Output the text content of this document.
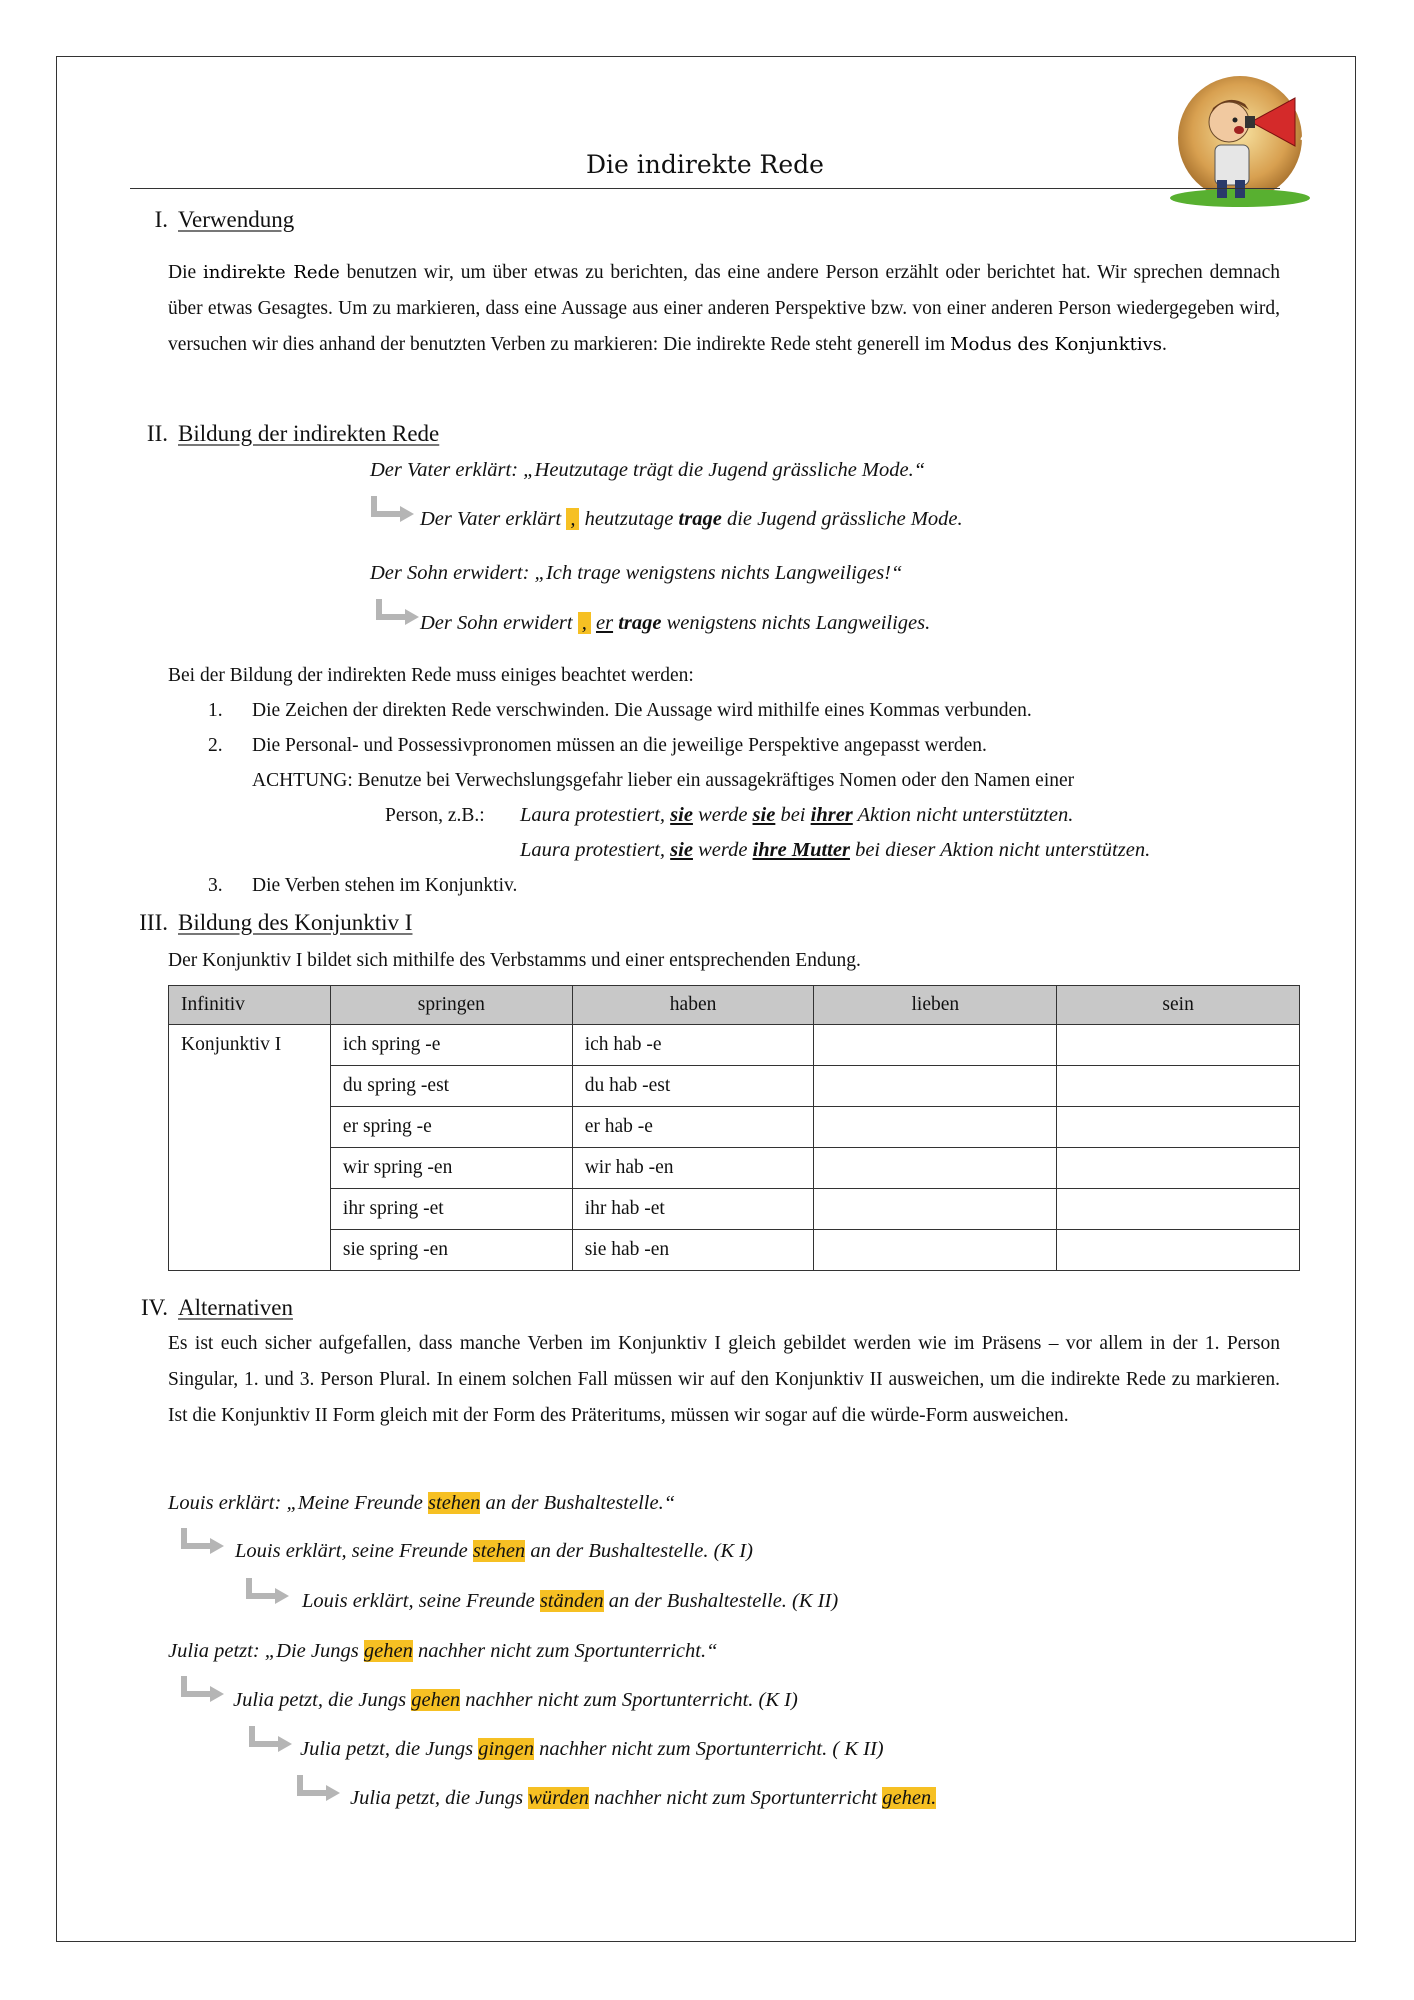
Die indirekte Rede
I. Verwendung
Die indirekte Rede benutzen wir, um über etwas zu berichten, das eine andere Person erzählt oder berichtet hat. Wir sprechen demnach über etwas Gesagtes. Um zu markieren, dass eine Aussage aus einer anderen Perspektive bzw. von einer anderen Person wiedergegeben wird, versuchen wir dies anhand der benutzten Verben zu markieren: Die indirekte Rede steht generell im Modus des Konjunktivs.
II. Bildung der indirekten Rede
Der Vater erklärt: „Heutzutage trägt die Jugend grässliche Mode.“
Der Vater erklärt , heutzutage trage die Jugend grässliche Mode.
Der Sohn erwidert: „Ich trage wenigstens nichts Langweiliges!“
Der Sohn erwidert , er trage wenigstens nichts Langweiliges.
Bei der Bildung der indirekten Rede muss einiges beachtet werden:
1. Die Zeichen der direkten Rede verschwinden. Die Aussage wird mithilfe eines Kommas verbunden.
2. Die Personal- und Possessivpronomen müssen an die jeweilige Perspektive angepasst werden.
ACHTUNG: Benutze bei Verwechslungsgefahr lieber ein aussagekräftiges Nomen oder den Namen einer
Person, z.B.: Laura protestiert, sie werde sie bei ihrer Aktion nicht unterstützten.
Laura protestiert, sie werde ihre Mutter bei dieser Aktion nicht unterstützen.
3. Die Verben stehen im Konjunktiv.
III. Bildung des Konjunktiv I
Der Konjunktiv I bildet sich mithilfe des Verbstamms und einer entsprechenden Endung.
Infinitiv	springen	haben	lieben	sein
Konjunktiv I	ich spring -e	ich hab -e		
	du spring -est	du hab -est		
	er spring -e	er hab -e		
	wir spring -en	wir hab -en		
	ihr spring -et	ihr hab -et		
	sie spring -en	sie hab -en		
IV. Alternativen
Es ist euch sicher aufgefallen, dass manche Verben im Konjunktiv I gleich gebildet werden wie im Präsens – vor allem in der 1. Person Singular, 1. und 3. Person Plural. In einem solchen Fall müssen wir auf den Konjunktiv II ausweichen, um die indirekte Rede zu markieren. Ist die Konjunktiv II Form gleich mit der Form des Präteritums, müssen wir sogar auf die würde-Form ausweichen.
Louis erklärt: „Meine Freunde stehen an der Bushaltestelle.“
Louis erklärt, seine Freunde stehen an der Bushaltestelle. (K I)
Louis erklärt, seine Freunde ständen an der Bushaltestelle. (K II)
Julia petzt: „Die Jungs gehen nachher nicht zum Sportunterricht.“
Julia petzt, die Jungs gehen nachher nicht zum Sportunterricht. (K I)
Julia petzt, die Jungs gingen nachher nicht zum Sportunterricht. ( K II)
Julia petzt, die Jungs würden nachher nicht zum Sportunterricht gehen.
